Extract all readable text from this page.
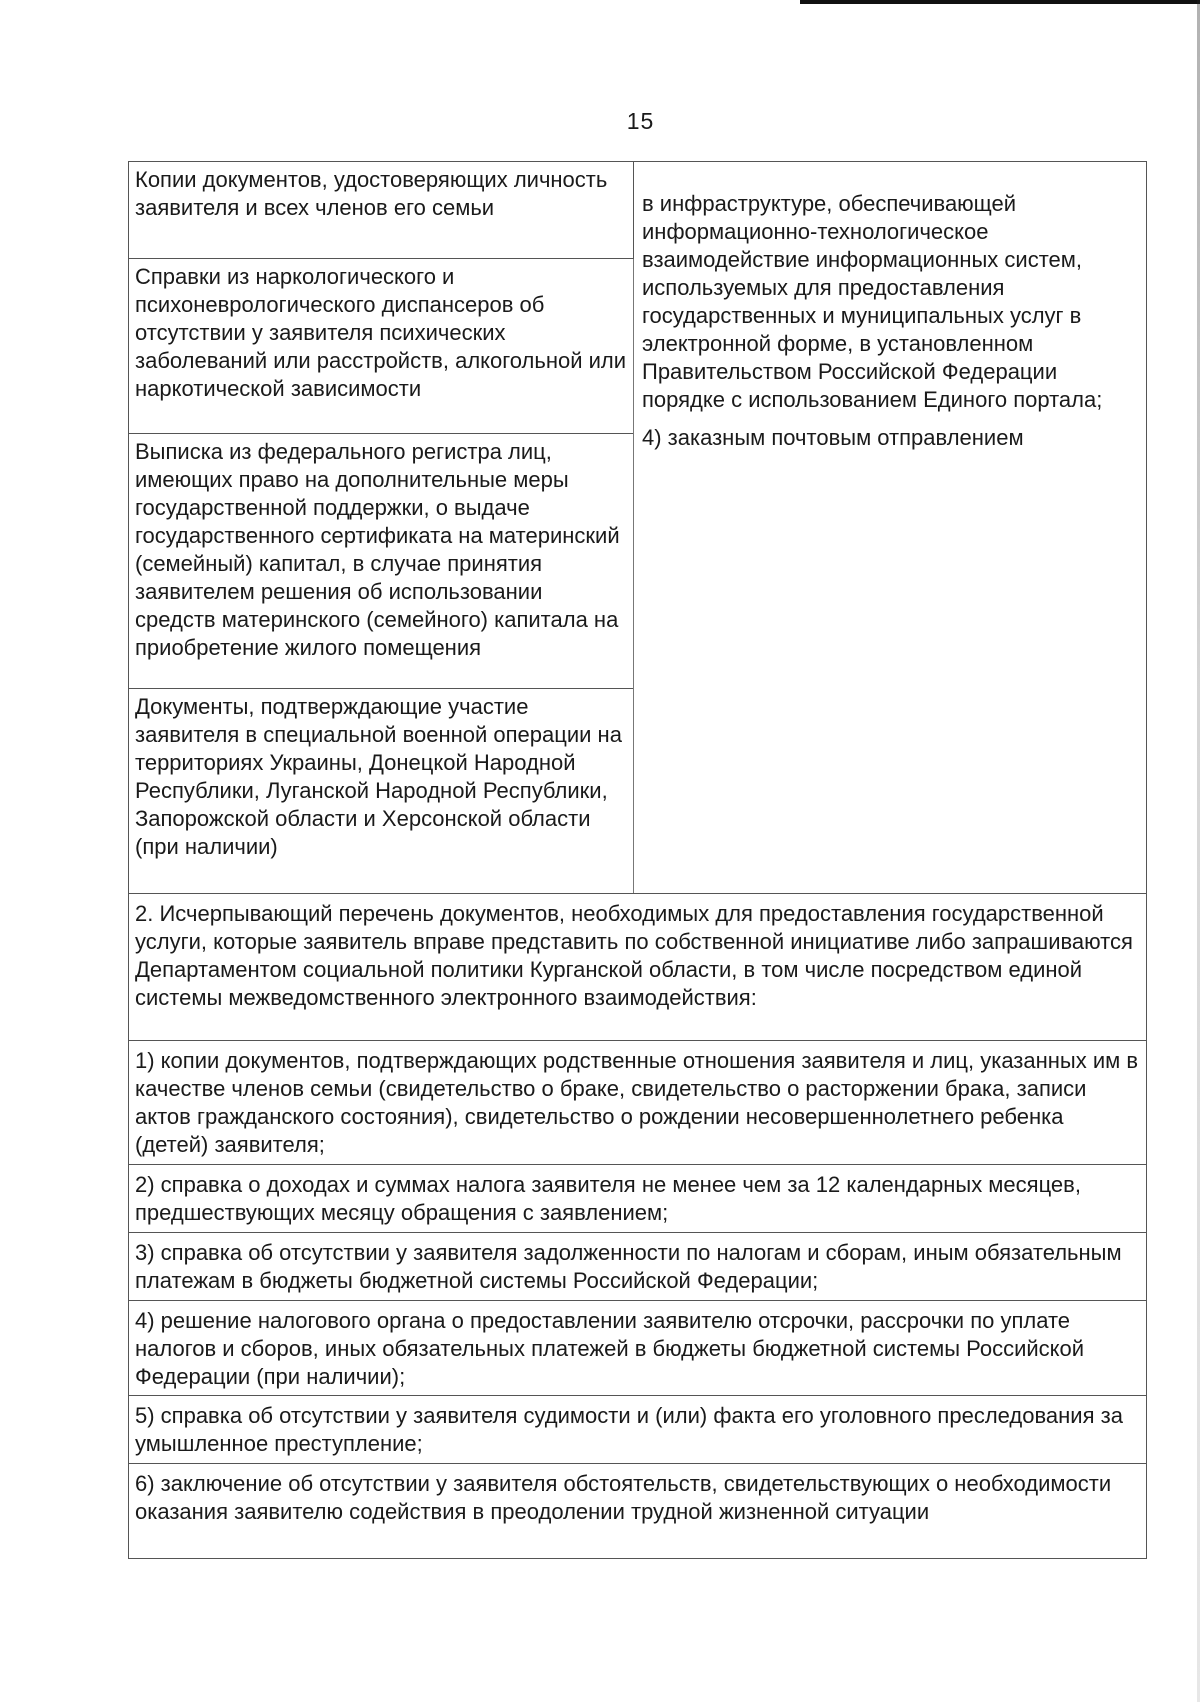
15
Копии документов, удостоверяющих личность заявителя и всех членов его семьи	в инфраструктуре, обеспечивающей информационно-технологическое взаимодействие информационных систем, используемых для предоставления государственных и муниципальных услуг в электронной форме, в установленном Правительством Российской Федерации порядке с использованием Единого портала;

4) заказным почтовым отправлением

Справки из наркологического и психоневрологического диспансеров об отсутствии у заявителя психических заболеваний или расстройств, алкогольной или наркотической зависимости
Выписка из федерального регистра лиц, имеющих право на дополнительные меры государственной поддержки, о выдаче государственного сертификата на материнский (семейный) капитал, в случае принятия заявителем решения об использовании средств материнского (семейного) капитала на приобретение жилого помещения
Документы, подтверждающие участие заявителя в специальной военной операции на территориях Украины, Донецкой Народной Республики, Луганской Народной Республики, Запорожской области и Херсонской области (при наличии)
2. Исчерпывающий перечень документов, необходимых для предоставления государственной услуги, которые заявитель вправе представить по собственной инициативе либо запрашиваются Департаментом социальной политики Курганской области, в том числе посредством единой системы межведомственного электронного взаимодействия:
1) копии документов, подтверждающих родственные отношения заявителя и лиц, указанных им в качестве членов семьи (свидетельство о браке, свидетельство о расторжении брака, записи актов гражданского состояния), свидетельство о рождении несовершеннолетнего ребенка (детей) заявителя;
2) справка о доходах и суммах налога заявителя не менее чем за 12 календарных месяцев, предшествующих месяцу обращения с заявлением;
3) справка об отсутствии у заявителя задолженности по налогам и сборам, иным обязательным платежам в бюджеты бюджетной системы Российской Федерации;
4) решение налогового органа о предоставлении заявителю отсрочки, рассрочки по уплате налогов и сборов, иных обязательных платежей в бюджеты бюджетной системы Российской Федерации (при наличии);
5) справка об отсутствии у заявителя судимости и (или) факта его уголовного преследования за умышленное преступление;
6) заключение об отсутствии у заявителя обстоятельств, свидетельствующих о необходимости оказания заявителю содействия в преодолении трудной жизненной ситуации
